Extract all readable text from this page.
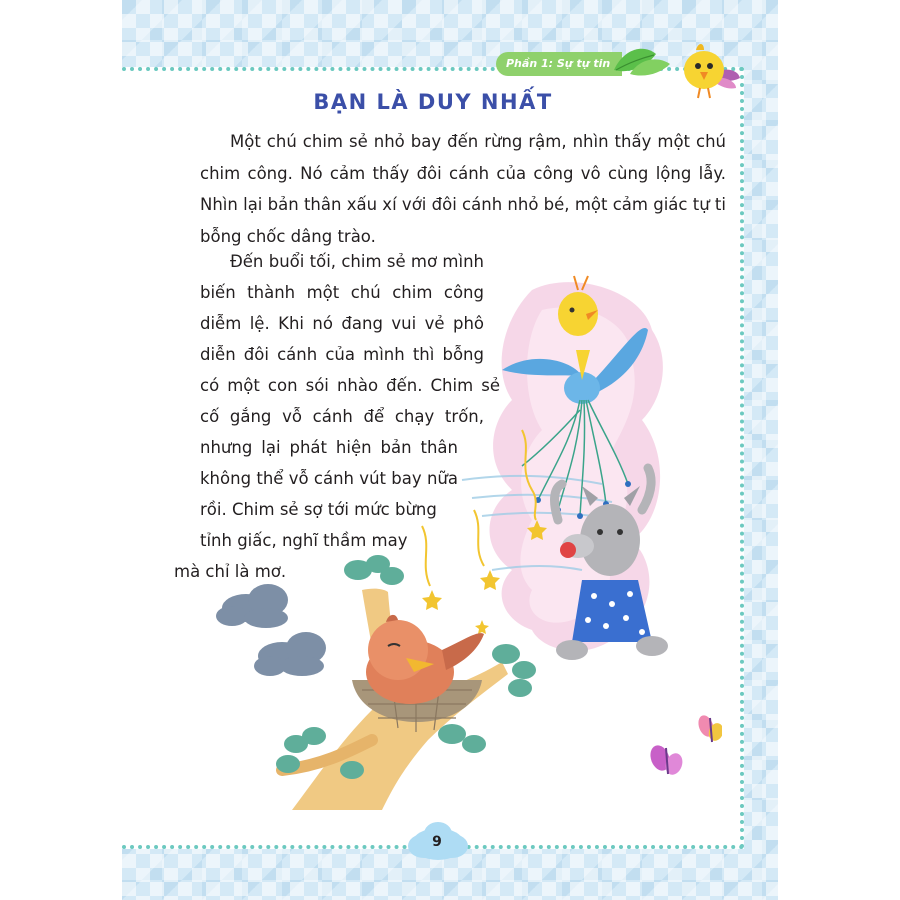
Phần 1: Sự tự tin
BẠN LÀ DUY NHẤT

Một chú chim sẻ nhỏ bay đến rừng rậm, nhìn thấy một chú chim công. Nó cảm thấy đôi cánh của công vô cùng lộng lẫy. Nhìn lại bản thân xấu xí với đôi cánh nhỏ bé, một cảm giác tự ti bỗng chốc dâng trào.

Đến buổi tối, chim sẻ mơ mình
biến thành một chú chim công
diễm lệ. Khi nó đang vui vẻ phô
diễn đôi cánh của mình thì bỗng
có một con sói nhào đến. Chim sẻ
cố gắng vỗ cánh để chạy trốn,
nhưng lại phát hiện bản thân
không thể vỗ cánh vút bay nữa
rồi. Chim sẻ sợ tới mức bừng
tỉnh giấc, nghĩ thầm may
mà chỉ là mơ.
9
